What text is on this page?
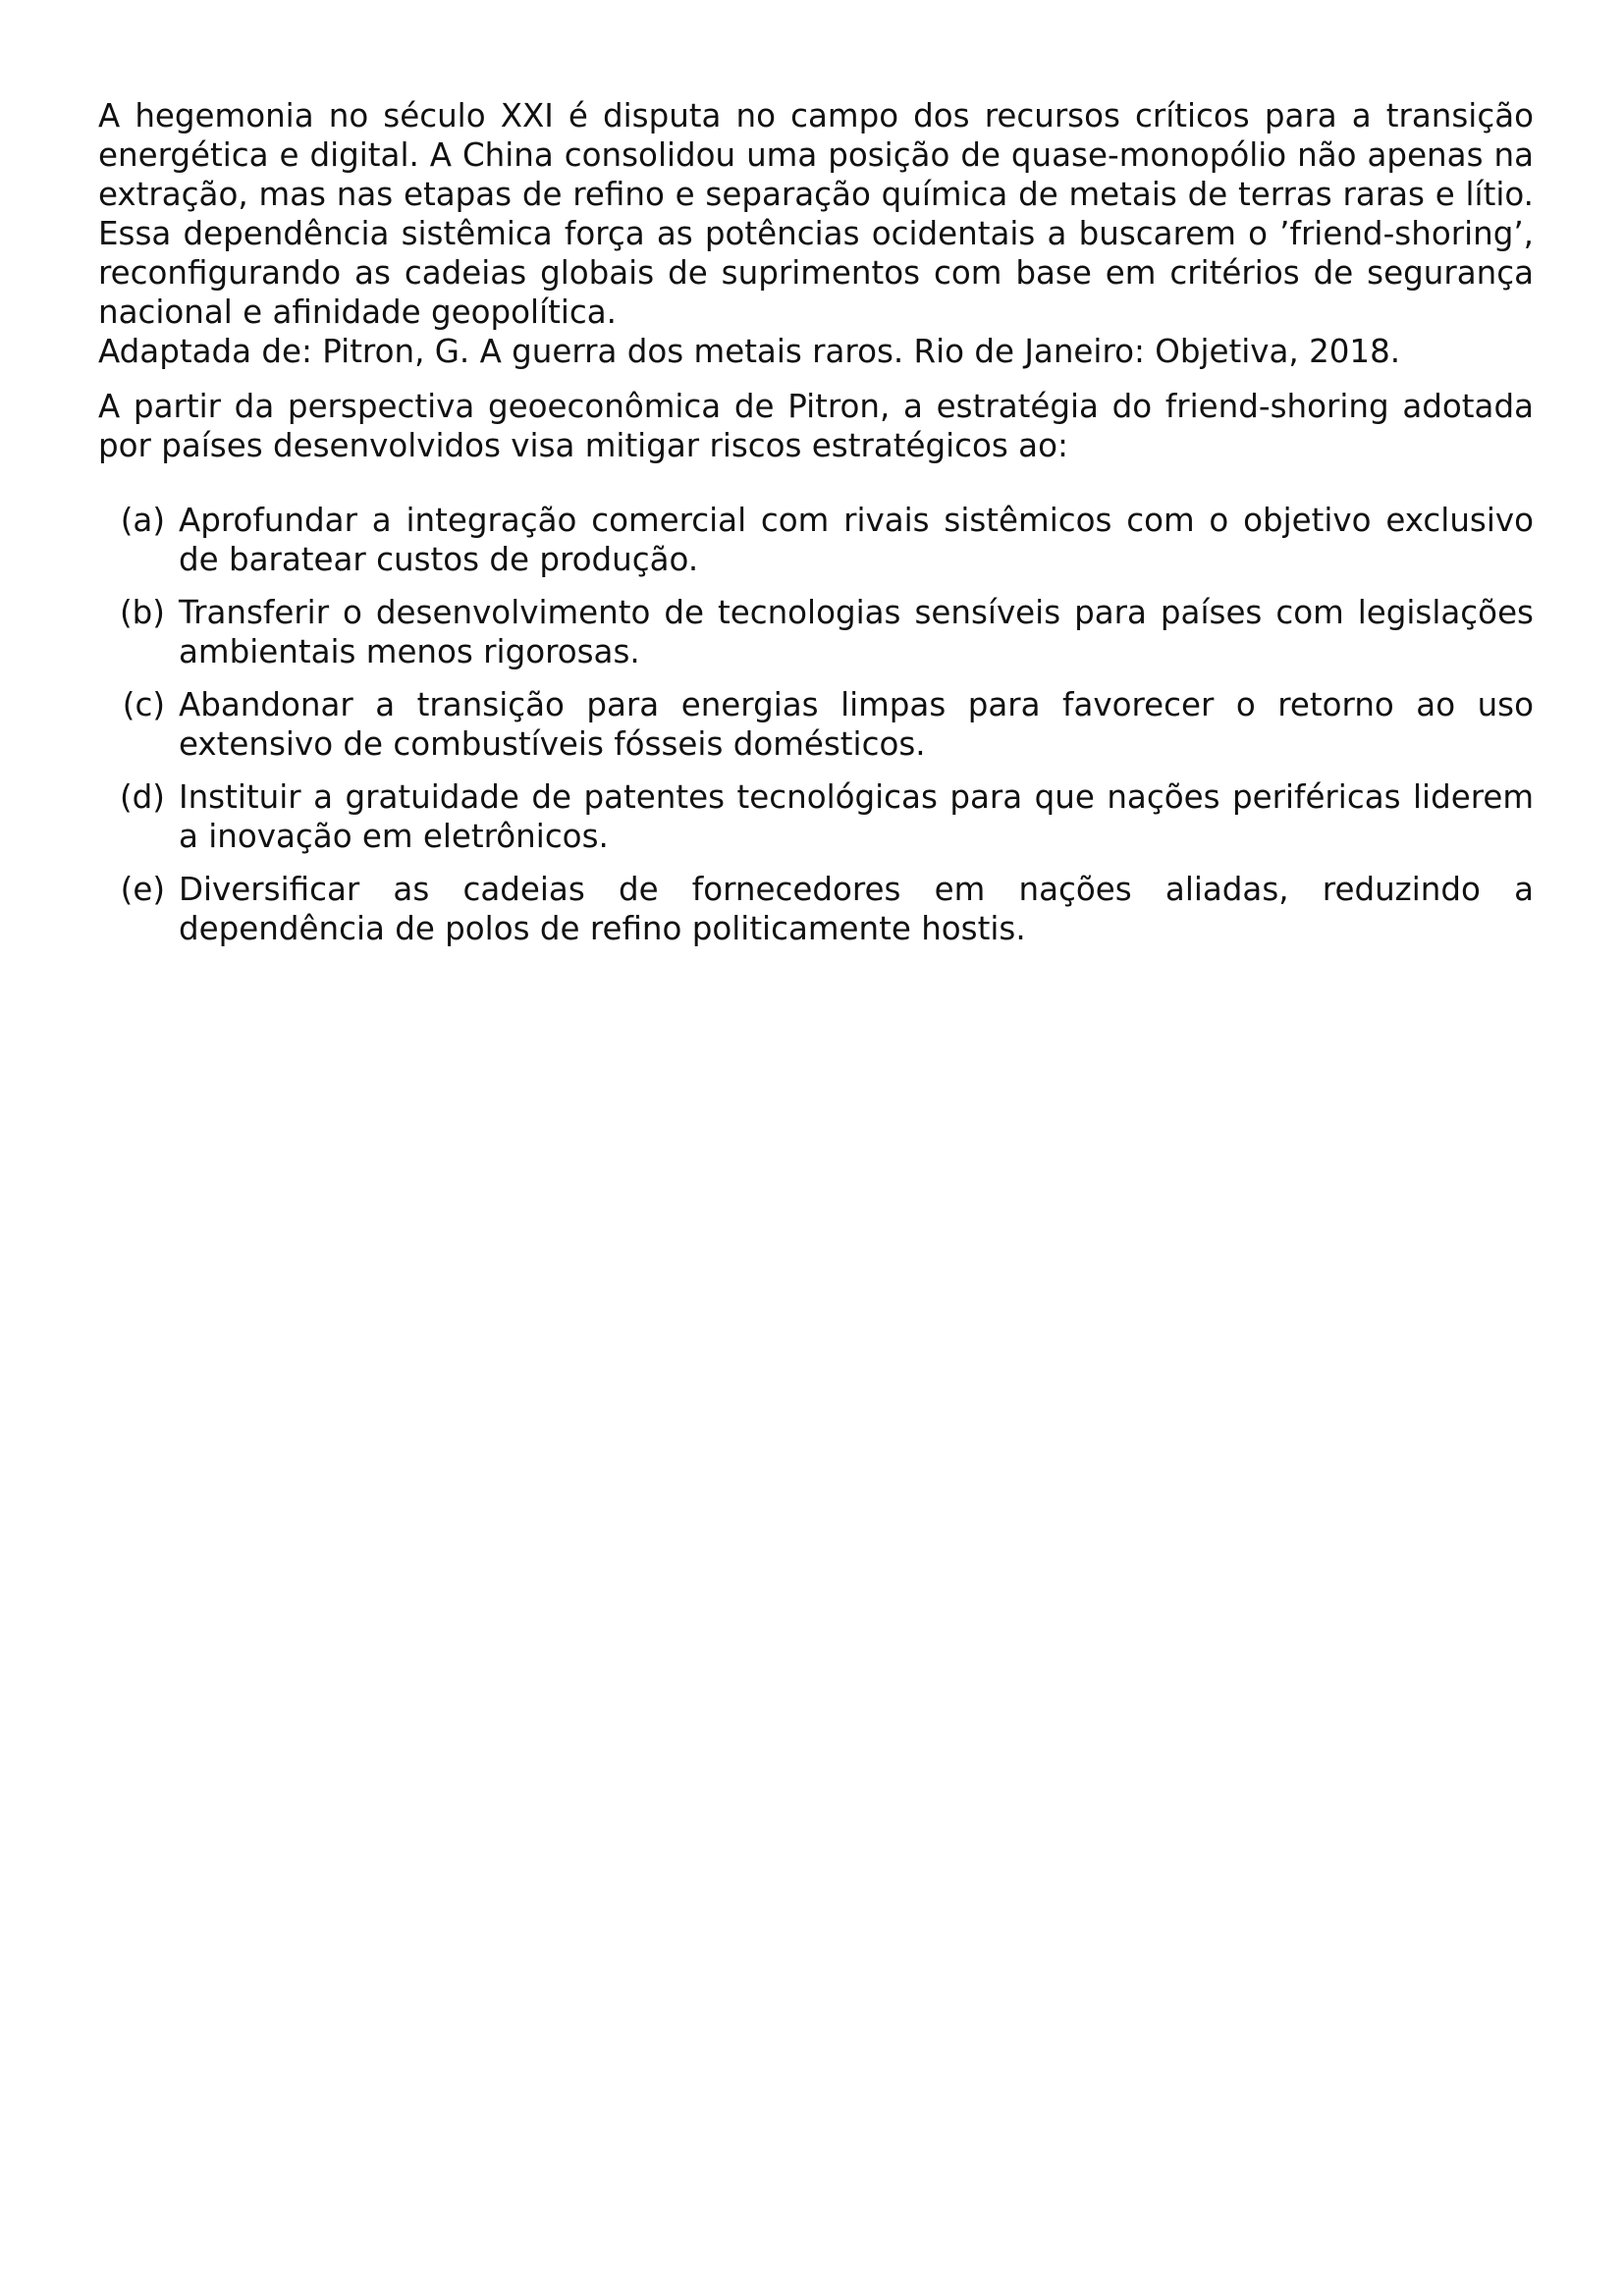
A hegemonia no século XXI é disputa no campo dos recursos críticos para a transição energética e digital. A China consolidou uma posição de quase-monopólio não apenas na extração, mas nas etapas de refino e separação química de metais de terras raras e lítio. Essa dependência sistêmica força as potências ocidentais a buscarem o ’friend-shoring’, reconfigurando as cadeias globais de suprimentos com base em critérios de segurança nacional e afinidade geopolítica.

Adaptada de: Pitron, G. A guerra dos metais raros. Rio de Janeiro: Objetiva, 2018.

A partir da perspectiva geoeconômica de Pitron, a estratégia do friend-shoring adotada por países desenvolvidos visa mitigar riscos estratégicos ao:

(a) Aprofundar a integração comercial com rivais sistêmicos com o objetivo exclusivo de baratear custos de produção.
(b) Transferir o desenvolvimento de tecnologias sensíveis para países com legislações ambientais menos rigorosas.
(c) Abandonar a transição para energias limpas para favorecer o retorno ao uso extensivo de combustíveis fósseis domésticos.
(d) Instituir a gratuidade de patentes tecnológicas para que nações periféricas liderem a inovação em eletrônicos.
(e) Diversificar as cadeias de fornecedores em nações aliadas, reduzindo a dependência de polos de refino politicamente hostis.
